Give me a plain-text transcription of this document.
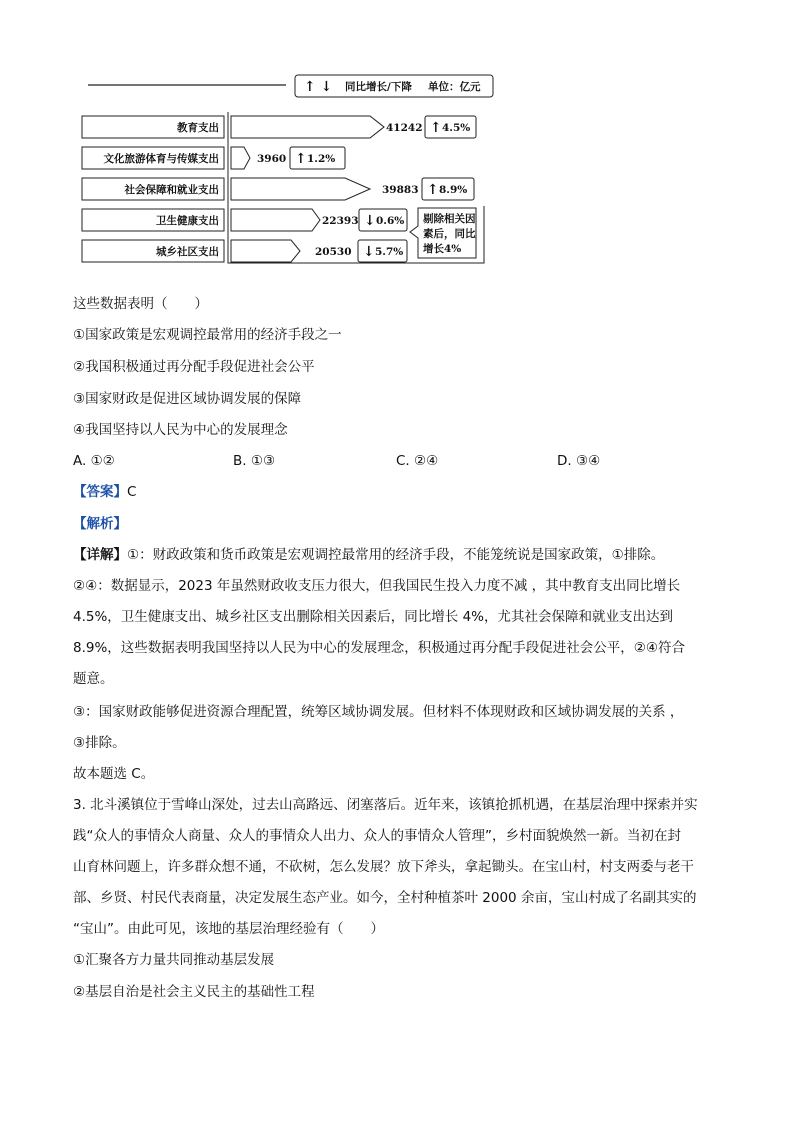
↑ ↓ 同比增长/下降 单位：亿元
教育支出	41242 ↑ 4.5%
文化旅游体育与传媒支出	3960 ↑ 1.2%
社会保障和就业支出	39883 ↑ 8.9%
卫生健康支出	22393 ↓ 0.6%
城乡社区支出	20530 ↓ 5.7%
剔除相关因
素后，同比
增长4%
这些数据表明（　　）
①国家政策是宏观调控最常用的经济手段之一
②我国积极通过再分配手段促进社会公平
③国家财政是促进区域协调发展的保障
④我国坚持以人民为中心的发展理念
A. ①②	B. ①③	C. ②④	D. ③④
【答案】C
【解析】
【详解】①：财政政策和货币政策是宏观调控最常用的经济手段，不能笼统说是国家政策，①排除。
②④：数据显示，2023 年虽然财政收支压力很大，但我国民生投入力度不减 ，其中教育支出同比增长
4.5%，卫生健康支出、城乡社区支出删除相关因素后，同比增长 4%，尤其社会保障和就业支出达到
8.9%，这些数据表明我国坚持以人民为中心的发展理念，积极通过再分配手段促进社会公平，②④符合
题意。
③：国家财政能够促进资源合理配置，统筹区域协调发展。但材料不体现财政和区域协调发展的关系 ，
③排除。
故本题选 C。
3. 北斗溪镇位于雪峰山深处，过去山高路远、闭塞落后。近年来，该镇抢抓机遇，在基层治理中探索并实
践“众人的事情众人商量、众人的事情众人出力、众人的事情众人管理”，乡村面貌焕然一新。当初在封
山育林问题上，许多群众想不通，不砍树，怎么发展？放下斧头，拿起锄头。在宝山村，村支两委与老干
部、乡贤、村民代表商量，决定发展生态产业。如今，全村种植茶叶 2000 余亩，宝山村成了名副其实的
“宝山”。由此可见，该地的基层治理经验有（　　）
①汇聚各方力量共同推动基层发展
②基层自治是社会主义民主的基础性工程
